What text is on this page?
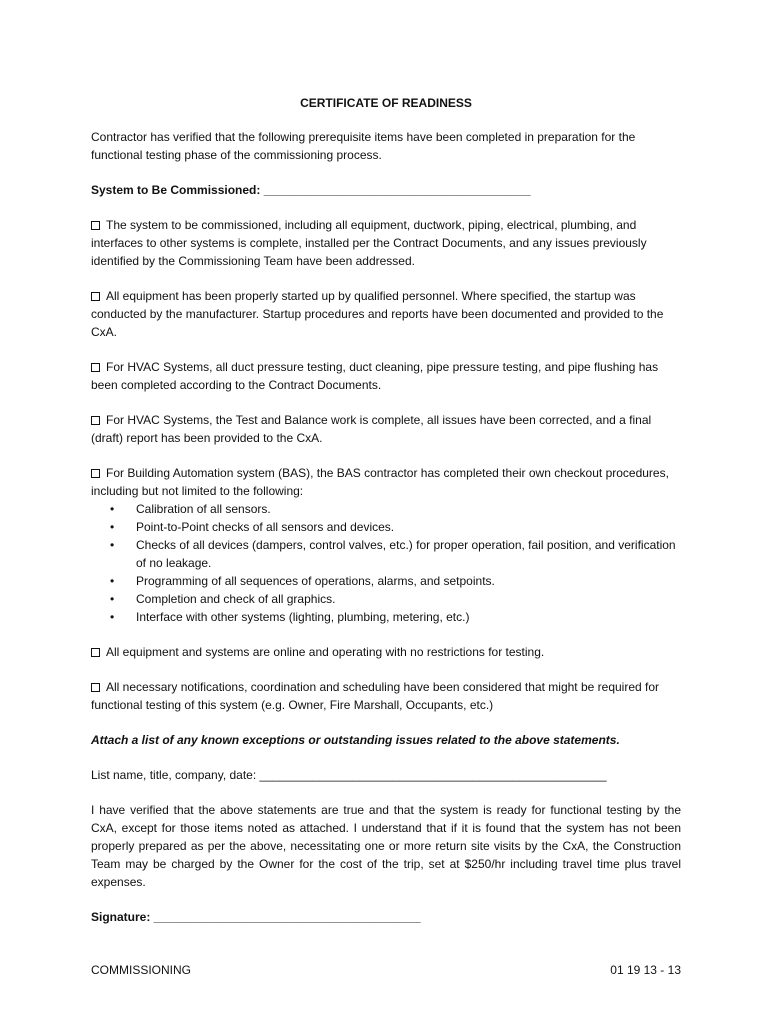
CERTIFICATE OF READINESS

Contractor has verified that the following prerequisite items have been completed in preparation for the functional testing phase of the commissioning process.

System to Be Commissioned: ________________________________________

The system to be commissioned, including all equipment, ductwork, piping, electrical, plumbing, and interfaces to other systems is complete, installed per the Contract Documents, and any issues previously identified by the Commissioning Team have been addressed.
All equipment has been properly started up by qualified personnel. Where specified, the startup was conducted by the manufacturer. Startup procedures and reports have been documented and provided to the CxA.
For HVAC Systems, all duct pressure testing, duct cleaning, pipe pressure testing, and pipe flushing has been completed according to the Contract Documents.
For HVAC Systems, the Test and Balance work is complete, all issues have been corrected, and a final (draft) report has been provided to the CxA.
For Building Automation system (BAS), the BAS contractor has completed their own checkout procedures, including but not limited to the following:
• Calibration of all sensors.
• Point-to-Point checks of all sensors and devices.
• Checks of all devices (dampers, control valves, etc.) for proper operation, fail position, and verification of no leakage.
• Programming of all sequences of operations, alarms, and setpoints.
• Completion and check of all graphics.
• Interface with other systems (lighting, plumbing, metering, etc.)
All equipment and systems are online and operating with no restrictions for testing.
All necessary notifications, coordination and scheduling have been considered that might be required for functional testing of this system (e.g. Owner, Fire Marshall, Occupants, etc.)

Attach a list of any known exceptions or outstanding issues related to the above statements.

List name, title, company, date: ____________________________________________________

I have verified that the above statements are true and that the system is ready for functional testing by the CxA, except for those items noted as attached. I understand that if it is found that the system has not been properly prepared as per the above, necessitating one or more return site visits by the CxA, the Construction Team may be charged by the Owner for the cost of the trip, set at $250/hr including travel time plus travel expenses.

Signature: ________________________________________

COMMISSIONING	01 19 13 - 13
